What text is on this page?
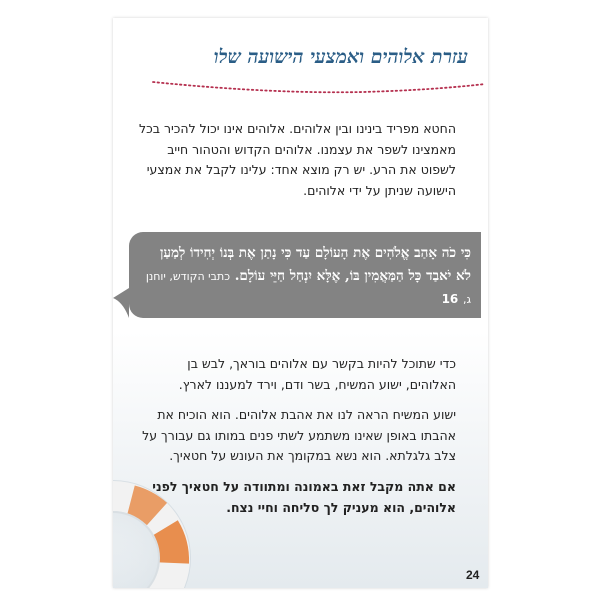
עזרת אלוהים ואמצעי הישועה שלו

החטא מפריד בינינו ובין אלוהים. אלוהים אינו יכול להכיר בכל מאמצינו לשפר את עצמנו. אלוהים הקדוש והטהור חייב לשפוט את הרע. יש רק מוצא אחד: עלינו לקבל את אמצעי הישועה שניתן על ידי אלוהים.

כִּי כֹה אָהַב אֱלֹהִים אֶת הָעוֹלָם עַד כִּי נָתַן אֶת בְּנוֹ יְחִידוֹ לְמַעַן לֹא יֹאבַד כָּל הַמַּאֲמִין בּוֹ, אֶלָּא יִנְחַל חַיֵּי עוֹלָם. כתבי הקודש, יוחנן ג, 16

כדי שתוכל להיות בקשר עם אלוהים בוראך, לבש בן האלוהים, ישוע המשיח, בשר ודם, וירד למעננו לארץ.

ישוע המשיח הראה לנו את אהבת אלוהים. הוא הוכיח את אהבתו באופן שאינו משתמע לשתי פנים במותו גם עבורך על צלב גלגלתא. הוא נשא במקומך את העונש על חטאיך.

אם אתה מקבל זאת באמונה ומתוודה על חטאיך לפני אלוהים, הוא מעניק לך סליחה וחיי נצח.

24
